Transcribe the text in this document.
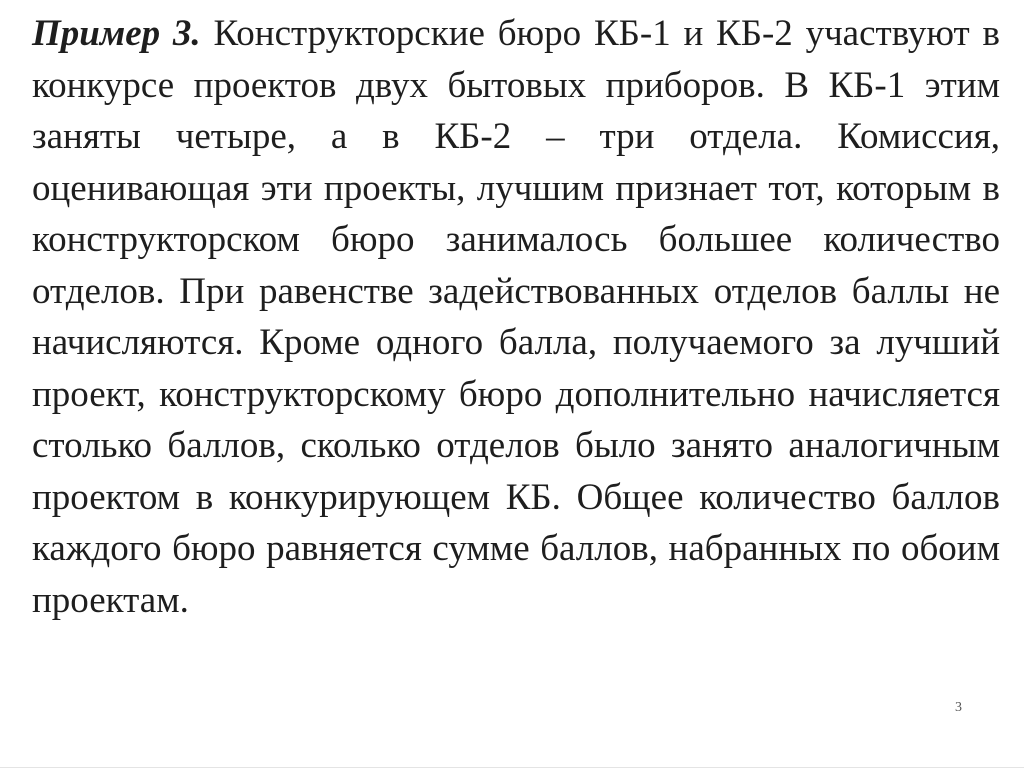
Пример 3. Конструкторские бюро КБ-1 и КБ-2 участвуют в конкурсе проектов двух бытовых приборов. В КБ-1 этим заняты четыре, а в КБ-2 – три отдела. Комиссия, оценивающая эти проекты, лучшим признает тот, которым в конструкторском бюро занималось большее количество отделов. При равенстве задействованных отделов баллы не начисляются. Кроме одного балла, получаемого за лучший проект, конструкторскому бюро дополнительно начисляется столько баллов, сколько отделов было занято аналогичным проектом в конкурирующем КБ. Общее количество баллов каждого бюро равняется сумме баллов, набранных по обоим проектам.

3
